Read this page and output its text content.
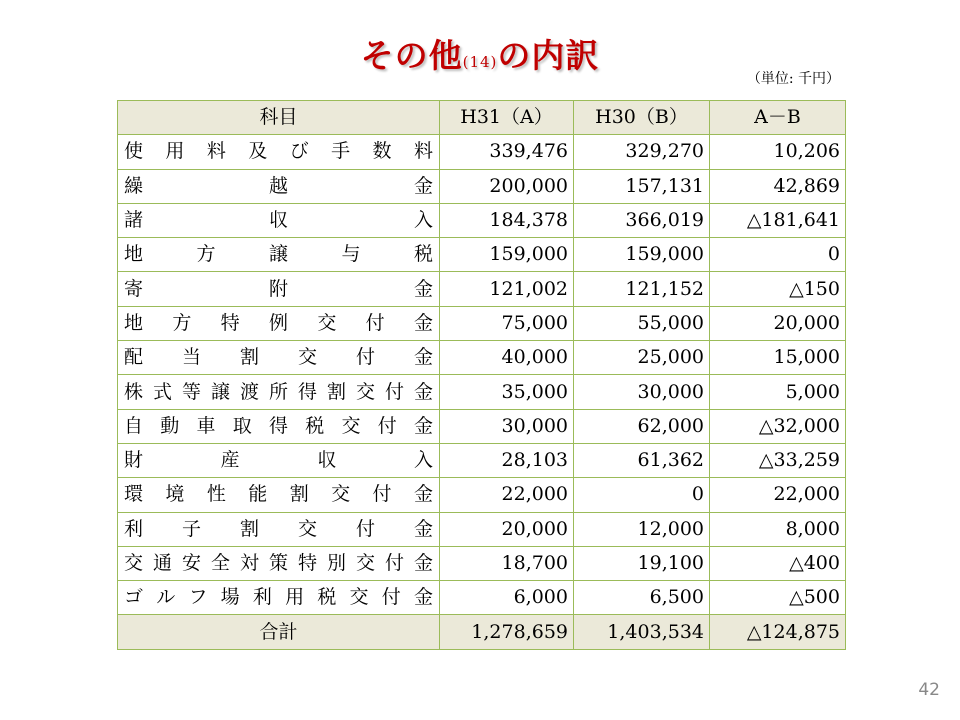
その他(14)の内訳
（単位: 千円）
科目	H31（A）	H30（B）	A－B

使用料及び手数料	339,476	329,270	10,206

繰越金	200,000	157,131	42,869

諸収入	184,378	366,019	△181,641

地方譲与税	159,000	159,000	0

寄附金	121,002	121,152	△150

地方特例交付金	75,000	55,000	20,000

配当割交付金	40,000	25,000	15,000

株式等譲渡所得割交付金	35,000	30,000	5,000

自動車取得税交付金	30,000	62,000	△32,000

財産収入	28,103	61,362	△33,259

環境性能割交付金	22,000	0	22,000

利子割交付金	20,000	12,000	8,000

交通安全対策特別交付金	18,700	19,100	△400

ゴルフ場利用税交付金	6,000	6,500	△500
合計	1,278,659	1,403,534	△124,875
42
